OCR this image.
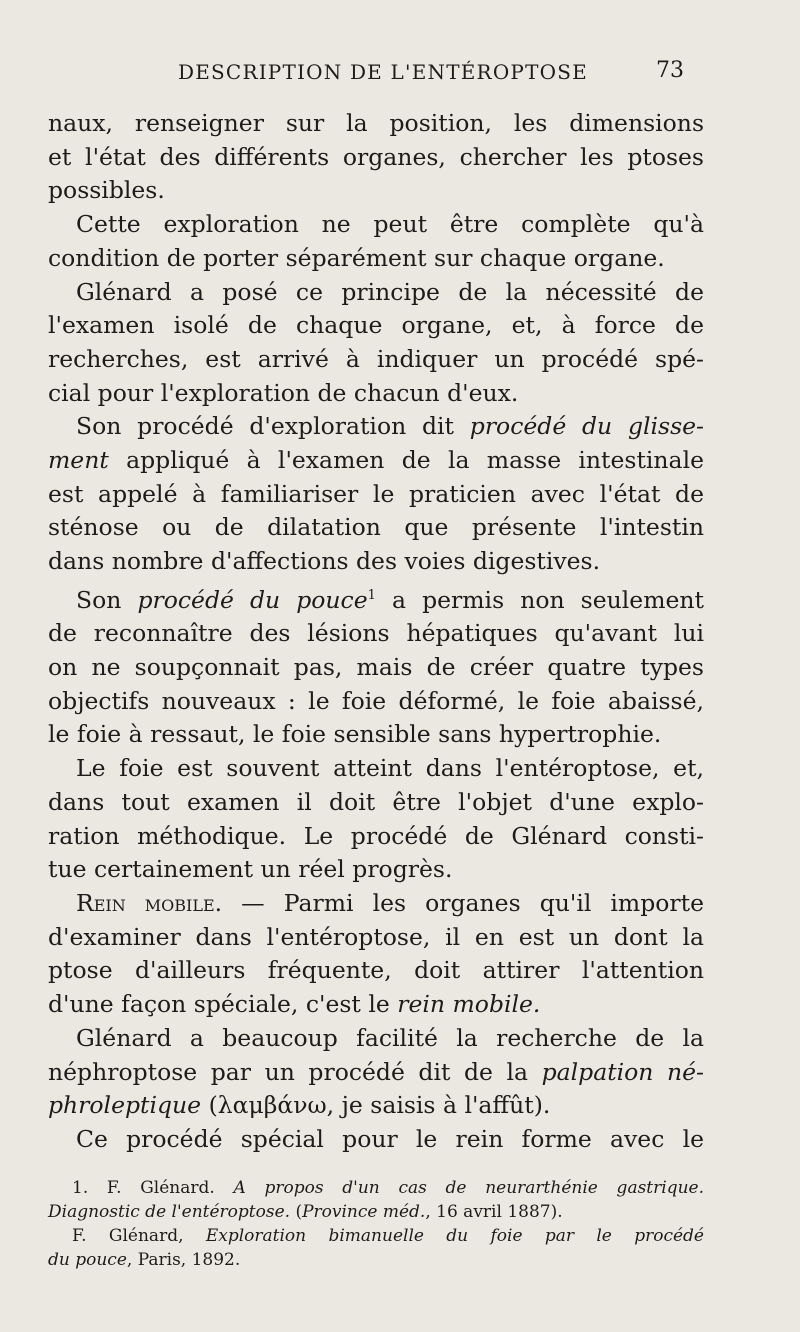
DESCRIPTION DE L'ENTÉROPTOSE	73
naux, renseigner sur la position, les dimensions
et l'état des différents organes, chercher les ptoses
possibles.
Cette exploration ne peut être complète qu'à
condition de porter séparément sur chaque organe.
Glénard a posé ce principe de la nécessité de
l'examen isolé de chaque organe, et, à force de
recherches, est arrivé à indiquer un procédé spé-
cial pour l'exploration de chacun d'eux.
Son procédé d'exploration dit procédé du glisse-
ment appliqué à l'examen de la masse intestinale
est appelé à familiariser le praticien avec l'état de
sténose ou de dilatation que présente l'intestin
dans nombre d'affections des voies digestives.
Son procédé du pouce$^1$ a permis non seulement
de reconnaître des lésions hépatiques qu'avant lui
on ne soupçonnait pas, mais de créer quatre types
objectifs nouveaux : le foie déformé, le foie abaissé,
le foie à ressaut, le foie sensible sans hypertrophie.
Le foie est souvent atteint dans l'entéroptose, et,
dans tout examen il doit être l'objet d'une explo-
ration méthodique. Le procédé de Glénard consti-
tue certainement un réel progrès.
Rein mobile. — Parmi les organes qu'il importe
d'examiner dans l'entéroptose, il en est un dont la
ptose d'ailleurs fréquente, doit attirer l'attention
d'une façon spéciale, c'est le rein mobile.
Glénard a beaucoup facilité la recherche de la
néphroptose par un procédé dit de la palpation né-
phroleptique (λαμβάνω, je saisis à l'affût).
Ce procédé spécial pour le rein forme avec le
1. F. Glénard. A propos d'un cas de neurarthénie gastrique.
Diagnostic de l'entéroptose. (Province méd., 16 avril 1887).
F. Glénard, Exploration bimanuelle du foie par le procédé
du pouce, Paris, 1892.
